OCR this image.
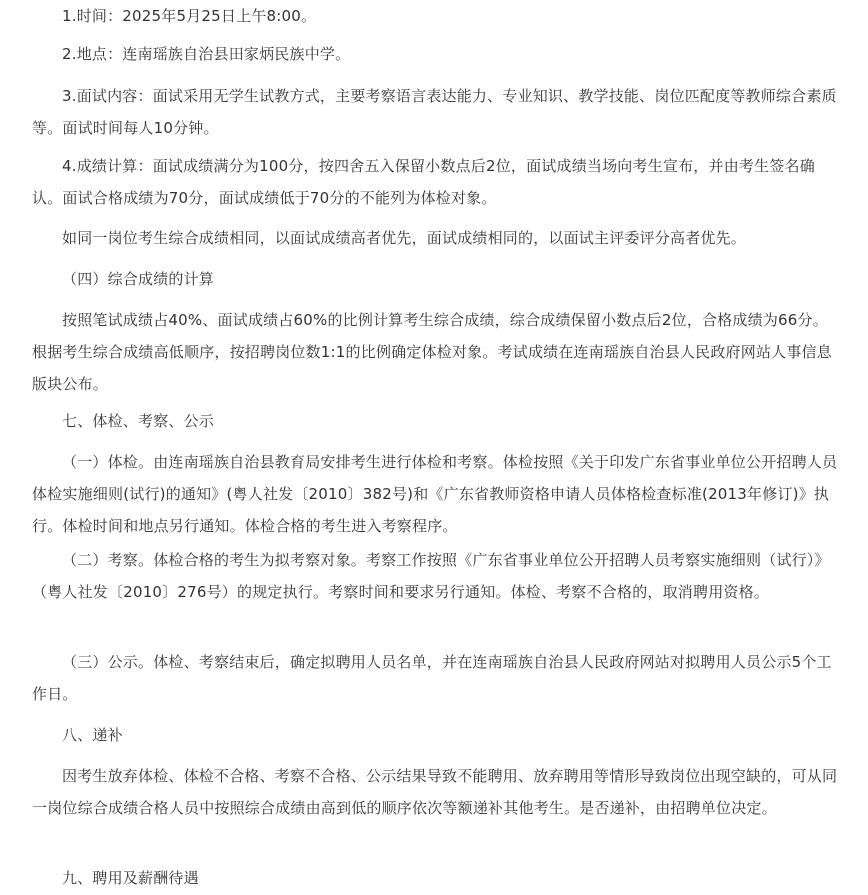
1.时间：2025年5月25日上午8:00。

2.地点：连南瑶族自治县田家炳民族中学。

3.面试内容：面试采用无学生试教方式，主要考察语言表达能力、专业知识、教学技能、岗位匹配度等教师综合素质等。面试时间每人10分钟。

4.成绩计算：面试成绩满分为100分，按四舍五入保留小数点后2位，面试成绩当场向考生宣布，并由考生签名确认。面试合格成绩为70分，面试成绩低于70分的不能列为体检对象。

如同一岗位考生综合成绩相同，以面试成绩高者优先，面试成绩相同的，以面试主评委评分高者优先。

（四）综合成绩的计算

按照笔试成绩占40%、面试成绩占60%的比例计算考生综合成绩，综合成绩保留小数点后2位，合格成绩为66分。根据考生综合成绩高低顺序，按招聘岗位数1:1的比例确定体检对象。考试成绩在连南瑶族自治县人民政府网站人事信息版块公布。

七、体检、考察、公示

（一）体检。由连南瑶族自治县教育局安排考生进行体检和考察。体检按照《关于印发广东省事业单位公开招聘人员体检实施细则(试行)的通知》(粤人社发〔2010〕382号)和《广东省教师资格申请人员体格检查标准(2013年修订)》执行。体检时间和地点另行通知。体检合格的考生进入考察程序。

（二）考察。体检合格的考生为拟考察对象。考察工作按照《广东省事业单位公开招聘人员考察实施细则（试行）》（粤人社发〔2010〕276号）的规定执行。考察时间和要求另行通知。体检、考察不合格的，取消聘用资格。

（三）公示。体检、考察结束后，确定拟聘用人员名单，并在连南瑶族自治县人民政府网站对拟聘用人员公示5个工作日。

八、递补

因考生放弃体检、体检不合格、考察不合格、公示结果导致不能聘用、放弃聘用等情形导致岗位出现空缺的，可从同一岗位综合成绩合格人员中按照综合成绩由高到低的顺序依次等额递补其他考生。是否递补，由招聘单位决定。

九、聘用及薪酬待遇
